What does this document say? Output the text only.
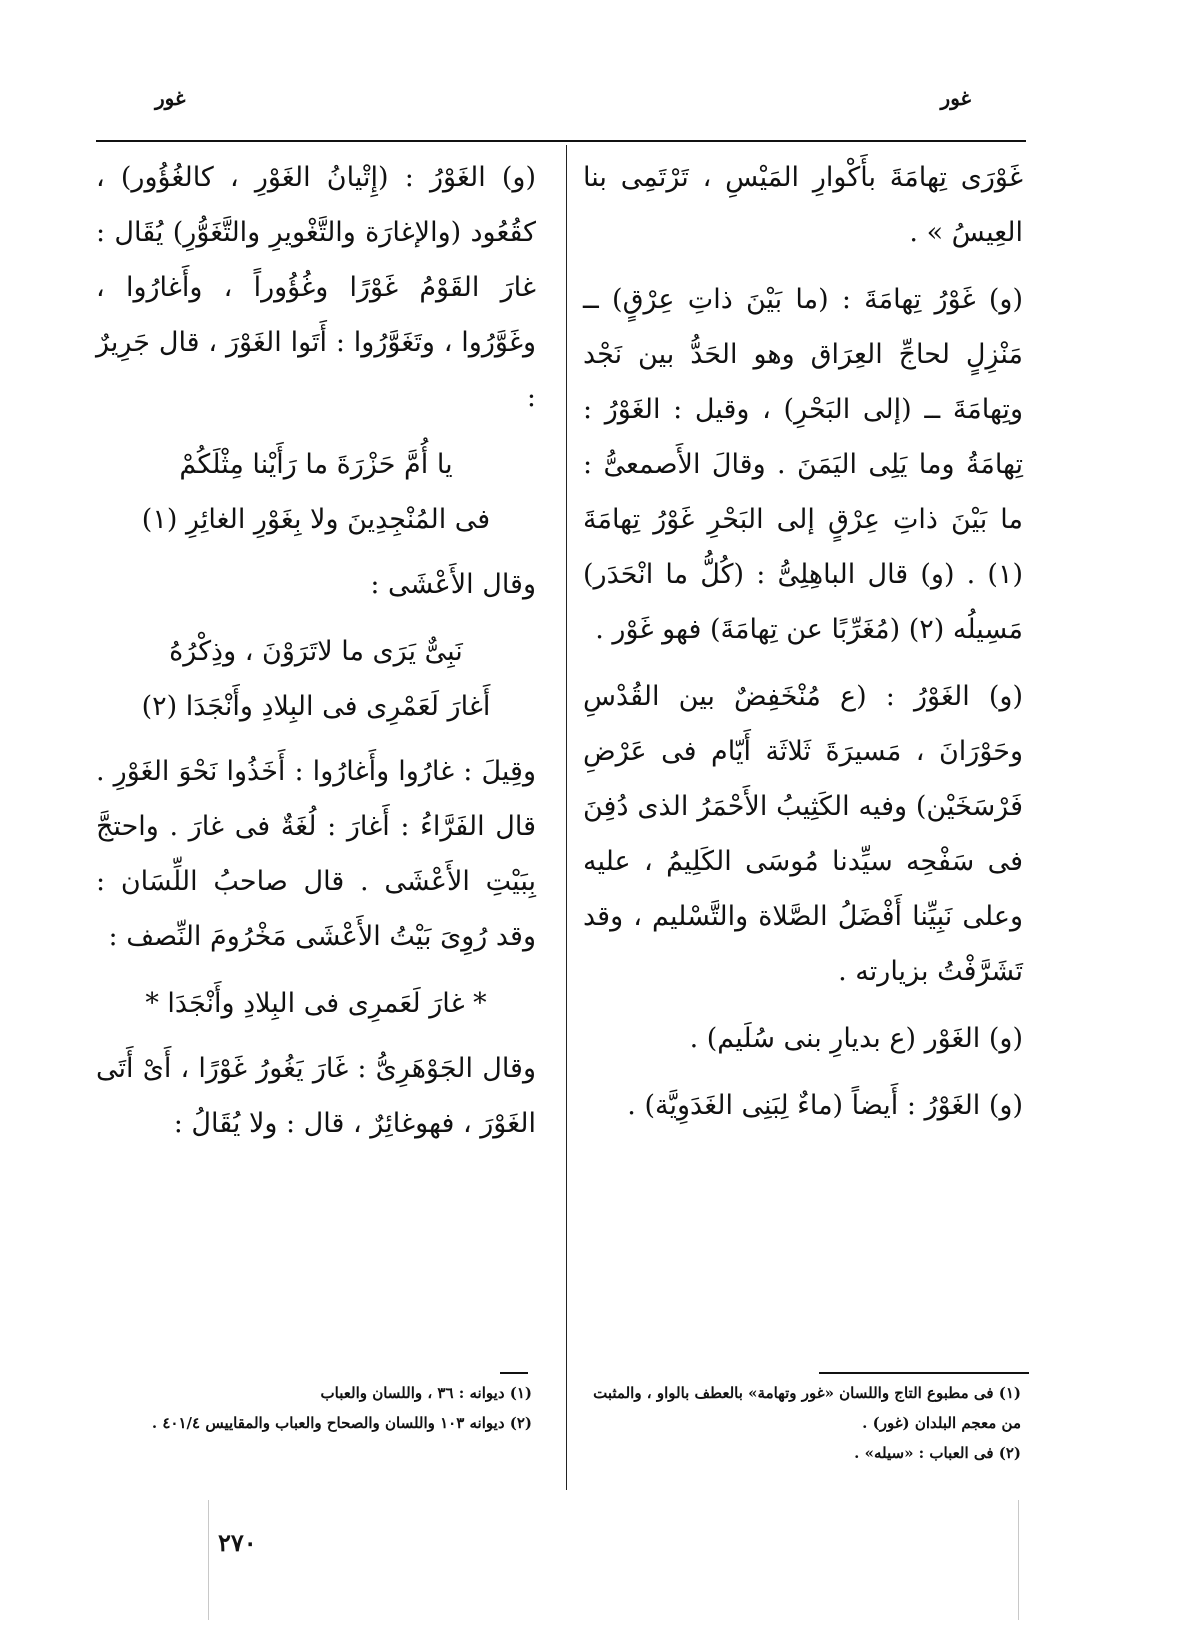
غور
غور

غَوْرَى تِهامَةَ بأَكْوارِ المَيْسِ ، تَرْتَمِى بنا العِيسُ » .

(و) غَوْرُ تِهامَةَ : (ما بَيْنَ ذاتِ عِرْقٍ) ــ مَنْزِلٍ لحاجِّ العِرَاق وهو الحَدُّ بين نَجْد وتِهامَةَ ــ (إلى البَحْرِ) ، وقيل : الغَوْرُ : تِهامَةُ وما يَلِى اليَمَنَ . وقالَ الأَصمعىُّ : ما بَيْنَ ذاتِ عِرْقٍ إلى البَحْرِ غَوْرُ تِهامَةَ (١) . (و) قال الباهِلِىُّ : (كُلُّ ما انْحَدَر) مَسِيلُه (٢) (مُغَرِّبًا عن تِهامَةَ) فهو غَوْر .

(و) الغَوْرُ : (ع مُنْخَفِضٌ بين القُدْسِ وحَوْرَانَ ، مَسيرَةَ ثَلاثَة أَيّام فى عَرْضِ فَرْسَخَيْن) وفيه الكَثِيبُ الأَحْمَرُ الذى دُفِنَ فى سَفْحِه سيِّدنا مُوسَى الكَلِيمُ ، عليه وعلى نَبِيِّنا أَفْضَلُ الصَّلاة والتَّسْليم ، وقد تَشَرَّفْتُ بزيارته .

(و) الغَوْر (ع بديارِ بنى سُلَيم) .

(و) الغَوْرُ : أَيضاً (ماءٌ لِبَنِى الغَدَوِيَّة) .

(و) الغَوْرُ : (إِتْيانُ الغَوْرِ ، كالغُؤُور) ، كقُعُود (والإغارَة والتَّغْويرِ والتَّغَوُّرِ) يُقَال : غارَ القَوْمُ غَوْرًا وغُؤُوراً ، وأَغارُوا ، وغَوَّرُوا ، وتَغَوَّرُوا : أَتَوا الغَوْرَ ، قال جَرِيرٌ :

يا أُمَّ حَزْرَةَ ما رَأَيْنا مِثْلَكُمْ
فى المُنْجِدِينَ ولا بِغَوْرِ الغائِرِ (١)

وقال الأَعْشَى :

نَبِىٌّ يَرَى ما لاتَرَوْنَ ، وذِكْرُهُ
أَغارَ لَعَمْرِى فى البِلادِ وأَنْجَدَا (٢)

وقِيلَ : غارُوا وأَغارُوا : أَخَذُوا نَحْوَ الغَوْرِ . قال الفَرَّاءُ : أَغارَ : لُغَةٌ فى غارَ . واحتجَّ بِبَيْتِ الأَعْشَى . قال صاحبُ اللِّسَان : وقد رُوِىَ بَيْتُ الأَعْشَى مَخْرُومَ النِّصف :

* غارَ لَعَمرِى فى البِلادِ وأَنْجَدَا *

وقال الجَوْهَرِىُّ : غَارَ يَغُورُ غَوْرًا ، أَىْ أَتَى الغَوْرَ ، فهوغائِرٌ ، قال : ولا يُقَالُ :

(١) فى مطبوع التاج واللسان «غور وتهامة» بالعطف بالواو ، والمثبت من معجم البلدان (غور) .

(٢) فى العباب : «سيله» .

(١) ديوانه : ٣٦ ، واللسان والعباب

(٢) ديوانه ١٠٣ واللسان والصحاح والعباب والمقاييس ٤٠١/٤ .

٢٧٠
